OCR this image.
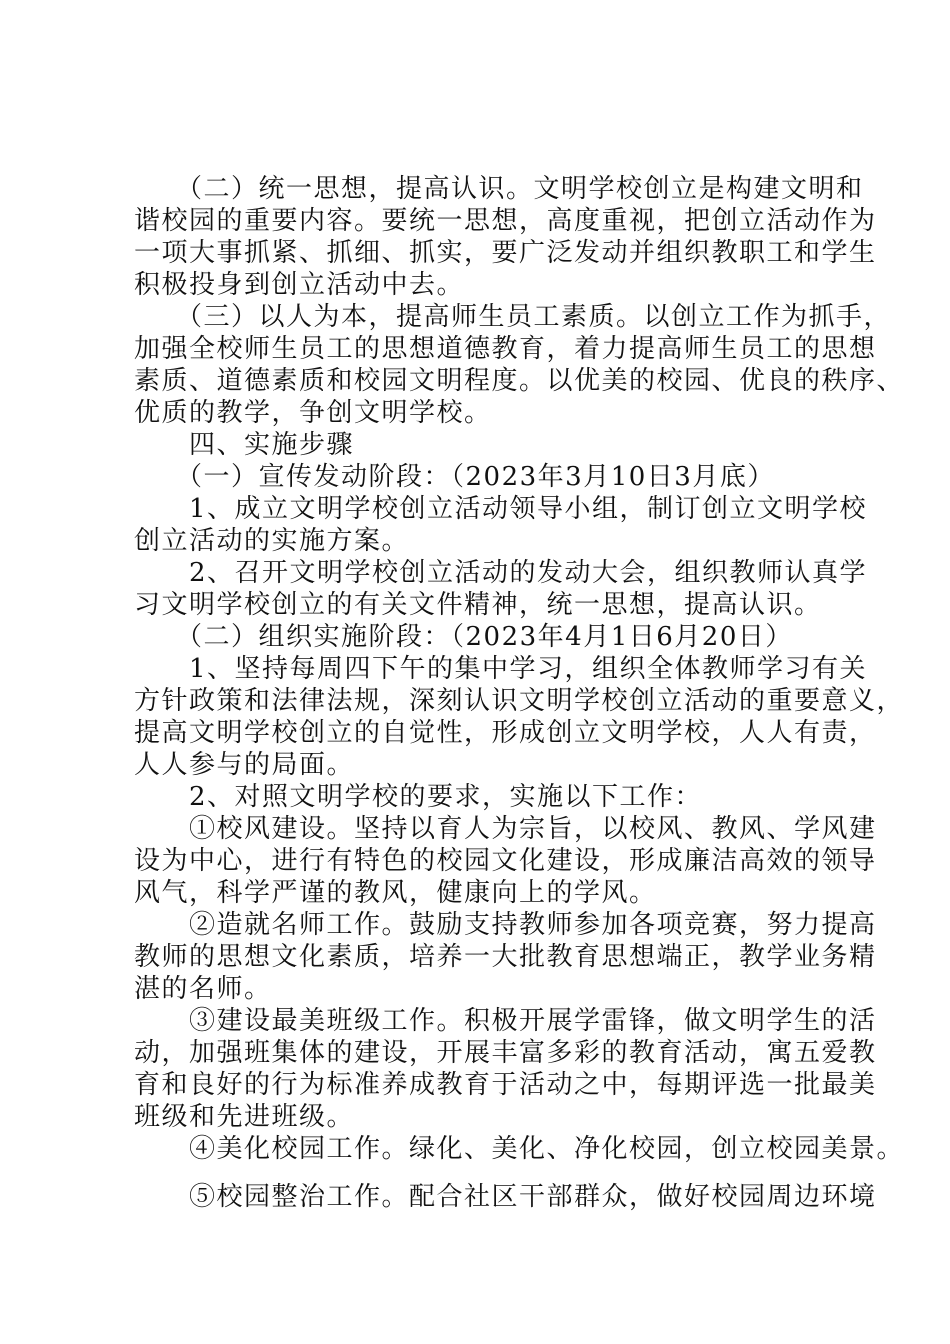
　　（二）统一思想，提高认识。文明学校创立是构建文明和
谐校园的重要内容。要统一思想，高度重视，把创立活动作为
一项大事抓紧、抓细、抓实，要广泛发动并组织教职工和学生
积极投身到创立活动中去。
　　（三）以人为本，提高师生员工素质。以创立工作为抓手，
加强全校师生员工的思想道德教育，着力提高师生员工的思想
素质、道德素质和校园文明程度。以优美的校园、优良的秩序、
优质的教学，争创文明学校。
　　四、实施步骤
　　（一）宣传发动阶段：（2023年3月10日3月底）
　　1、成立文明学校创立活动领导小组，制订创立文明学校
创立活动的实施方案。
　　2、召开文明学校创立活动的发动大会，组织教师认真学
习文明学校创立的有关文件精神，统一思想，提高认识。
　　（二）组织实施阶段：（2023年4月1日6月20日）
　　1、坚持每周四下午的集中学习，组织全体教师学习有关
方针政策和法律法规，深刻认识文明学校创立活动的重要意义，
提高文明学校创立的自觉性，形成创立文明学校，人人有责，
人人参与的局面。
　　2、对照文明学校的要求，实施以下工作：
　　①校风建设。坚持以育人为宗旨，以校风、教风、学风建
设为中心，进行有特色的校园文化建设，形成廉洁高效的领导
风气，科学严谨的教风，健康向上的学风。
　　②造就名师工作。鼓励支持教师参加各项竞赛，努力提高
教师的思想文化素质，培养一大批教育思想端正，教学业务精
湛的名师。
　　③建设最美班级工作。积极开展学雷锋，做文明学生的活
动，加强班集体的建设，开展丰富多彩的教育活动，寓五爱教
育和良好的行为标准养成教育于活动之中，每期评选一批最美
班级和先进班级。
　　④美化校园工作。绿化、美化、净化校园，创立校园美景。
　　⑤校园整治工作。配合社区干部群众，做好校园周边环境
